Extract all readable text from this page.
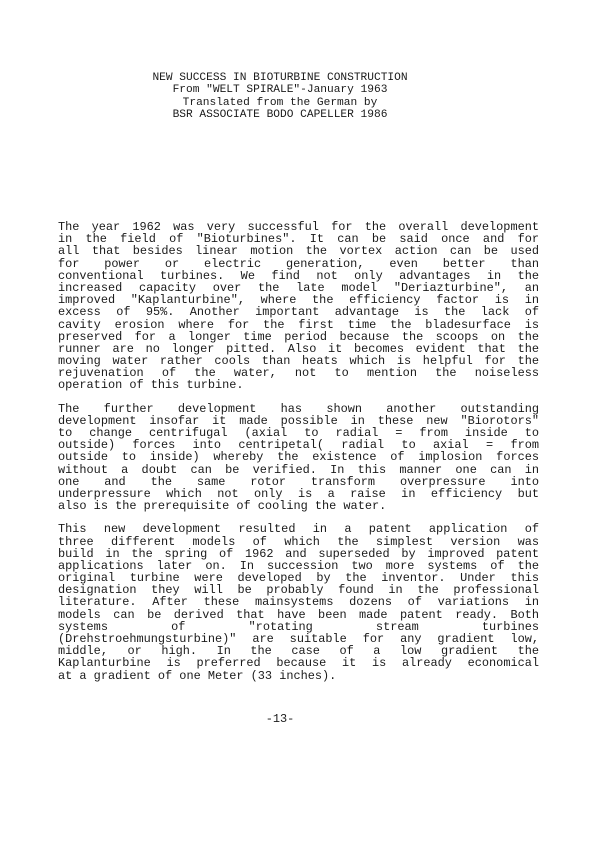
NEW SUCCESS IN BIOTURBINE CONSTRUCTION
From "WELT SPIRALE"-January 1963
Translated from the German by
BSR ASSOCIATE BODO CAPELLER 1986
The year 1962 was very successful for the overall development
in the field of "Bioturbines". It can be said once and for
all that besides linear motion the vortex action can be used
for power or electric generation, even better than
conventional turbines. We find not only advantages in the
increased capacity over the late model "Deriazturbine", an
improved "Kaplanturbine", where the efficiency factor is in
excess of 95%. Another important advantage is the lack of
cavity erosion where for the first time the bladesurface is
preserved for a longer time period because the scoops on the
runner are no longer pitted. Also it becomes evident that the
moving water rather cools than heats which is helpful for the
rejuvenation of the water, not to mention the noiseless
operation of this turbine.
The further development has shown another outstanding
development insofar it made possible in these new "Biorotors"
to change centrifugal (axial to radial = from inside to
outside) forces into centripetal( radial to axial = from
outside to inside) whereby the existence of implosion forces
without a doubt can be verified. In this manner one can in
one and the same rotor transform overpressure into
underpressure which not only is a raise in efficiency but
also is the prerequisite of cooling the water.
This new development resulted in a patent application of
three different models of which the simplest version was
build in the spring of 1962 and superseded by improved patent
applications later on. In succession two more systems of the
original turbine were developed by the inventor. Under this
designation they will be probably found in the professional
literature. After these mainsystems dozens of variations in
models can be derived that have been made patent ready. Both
systems of "rotating stream turbines
(Drehstroehmungsturbine)" are suitable for any gradient low,
middle, or high. In the case of a low gradient the
Kaplanturbine is preferred because it is already economical
at a gradient of one Meter (33 inches).
-13-
